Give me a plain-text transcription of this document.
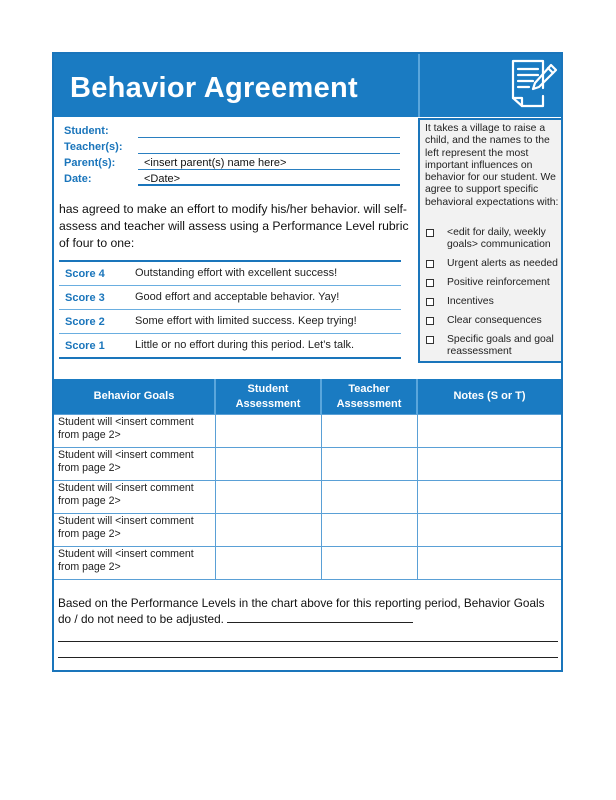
Behavior Agreement
Student:
Teacher(s):
Parent(s):	<insert parent(s) name here>
Date:	<Date>
has agreed to make an effort to modify his/her behavior. will self-assess and teacher will assess using a Performance Level rubric of four to one:
Score 4	Outstanding effort with excellent success!
Score 3	Good effort and acceptable behavior. Yay!
Score 2	Some effort with limited success. Keep trying!
Score 1	Little or no effort during this period. Let’s talk.
It takes a village to raise a child, and the names to the left represent the most important influences on behavior for our student. We agree to support specific behavioral expectations with:
<edit for daily, weekly goals> communication
Urgent alerts as needed
Positive reinforcement
Incentives
Clear consequences
Specific goals and goal reassessment
Behavior Goals	Student Assessment	Teacher Assessment	Notes (S or T)
Student will <insert comment from page 2>			
Student will <insert comment from page 2>			
Student will <insert comment from page 2>			
Student will <insert comment from page 2>			
Student will <insert comment from page 2>			
Based on the Performance Levels in the chart above for this reporting period, Behavior Goals do / do not need to be adjusted.
